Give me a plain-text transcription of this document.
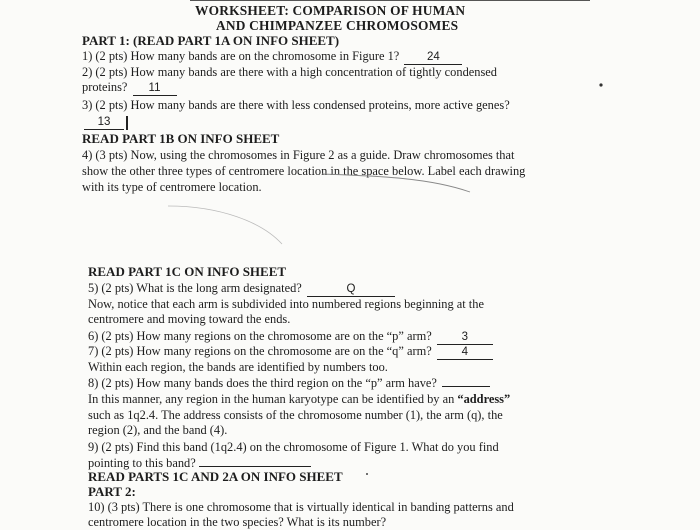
WORKSHEET: COMPARISON OF HUMAN
AND CHIMPANZEE CHROMOSOMES
PART 1: (READ PART 1A ON INFO SHEET)
1) (2 pts) How many bands are on the chromosome in Figure 1? 24
2) (2 pts) How many bands are there with a high concentration of tightly condensed
proteins? 11
3) (2 pts) How many bands are there with less condensed proteins, more active genes?
13
READ PART 1B ON INFO SHEET
4) (3 pts) Now, using the chromosomes in Figure 2 as a guide. Draw chromosomes that
show the other three types of centromere location in the space below. Label each drawing
with its type of centromere location.
READ PART 1C ON INFO SHEET
5) (2 pts) What is the long arm designated?	Q
Now, notice that each arm is subdivided into numbered regions beginning at the
centromere and moving toward the ends.
6) (2 pts) How many regions on the chromosome are on the “p” arm?	3
7) (2 pts) How many regions on the chromosome are on the “q” arm?	4
Within each region, the bands are identified by numbers too.
8) (2 pts) How many bands does the third region on the “p” arm have?
In this manner, any region in the human karyotype can be identified by an “address”
such as 1q2.4. The address consists of the chromosome number (1), the arm (q), the
region (2), and the band (4).
9) (2 pts) Find this band (1q2.4) on the chromosome of Figure 1. What do you find
pointing to this band?
READ PARTS 1C AND 2A ON INFO SHEET
PART 2:
10) (3 pts) There is one chromosome that is virtually identical in banding patterns and
centromere location in the two species? What is its number?
